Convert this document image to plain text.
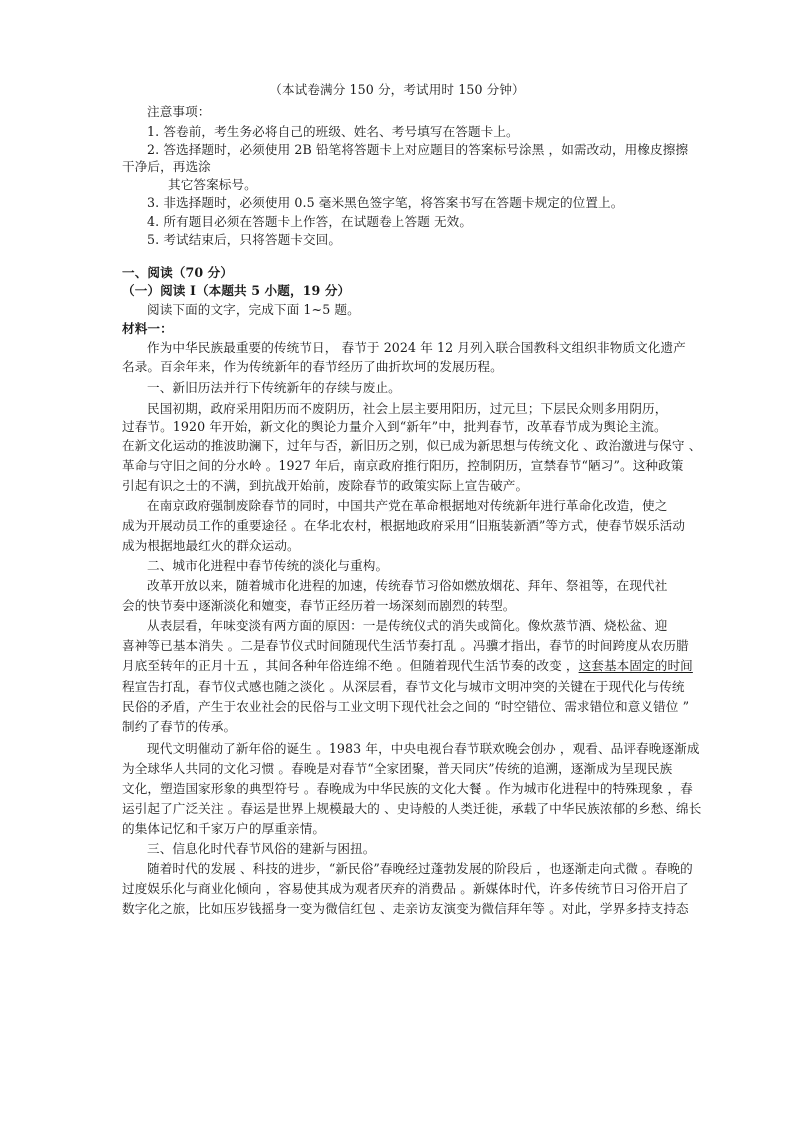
（本试卷满分 150 分，考试用时 150 分钟）
注意事项：
1. 答卷前，考生务必将自己的班级、姓名、考号填写在答题卡上。
2. 答选择题时，必须使用 2B 铅笔将答题卡上对应题目的答案标号涂黑 ，如需改动，用橡皮擦擦
干净后，再选涂
其它答案标号。
3. 非选择题时，必须使用 0.5 毫米黑色签字笔，将答案书写在答题卡规定的位置上。
4. 所有题目必须在答题卡上作答，在试题卷上答题 无效。
5. 考试结束后，只将答题卡交回。
一、阅读（70 分）
（一）阅读 I（本题共 5 小题，19 分）
阅读下面的文字，完成下面 1~5 题。
材料一：
作为中华民族最重要的传统节日， 春节于 2024 年 12 月列入联合国教科文组织非物质文化遗产
名录。百余年来，作为传统新年的春节经历了曲折坎坷的发展历程。
一、新旧历法并行下传统新年的存续与废止。
民国初期，政府采用阳历而不废阴历，社会上层主要用阳历，过元旦；下层民众则多用阴历，
过春节。1920 年开始，新文化的舆论力量介入到“新年”中，批判春节，改革春节成为舆论主流。
在新文化运动的推波助澜下，过年与否，新旧历之别，似已成为新思想与传统文化 、政治激进与保守 、
革命与守旧之间的分水岭 。1927 年后，南京政府推行阳历，控制阴历，宣禁春节“陋习”。这种政策
引起有识之士的不满，到抗战开始前，废除春节的政策实际上宣告破产。
在南京政府强制废除春节的同时，中国共产党在革命根据地对传统新年进行革命化改造，使之
成为开展动员工作的重要途径 。在华北农村，根据地政府采用“旧瓶装新酒”等方式，使春节娱乐活动
成为根据地最红火的群众运动。
二、城市化进程中春节传统的淡化与重构。
改革开放以来，随着城市化进程的加速，传统春节习俗如燃放烟花、拜年、祭祖等，在现代社
会的快节奏中逐渐淡化和嬗变，春节正经历着一场深刻而剧烈的转型。
从表层看，年味变淡有两方面的原因：一是传统仪式的消失或简化。像炊蒸节酒、烧松盆、迎
喜神等已基本消失 。二是春节仪式时间随现代生活节奏打乱 。冯骥才指出，春节的时间跨度从农历腊
月底至转年的正月十五 ，其间各种年俗连绵不绝 。但随着现代生活节奏的改变 ，这套基本固定的时间
程宣告打乱，春节仪式感也随之淡化 。从深层看，春节文化与城市文明冲突的关键在于现代化与传统
民俗的矛盾，产生于农业社会的民俗与工业文明下现代社会之间的 “时空错位、需求错位和意义错位 ”
制约了春节的传承。
现代文明催动了新年俗的诞生 。1983 年，中央电视台春节联欢晚会创办 ，观看、品评春晚逐渐成
为全球华人共同的文化习惯 。春晚是对春节“全家团聚，普天同庆”传统的追溯，逐渐成为呈现民族
文化，塑造国家形象的典型符号 。春晚成为中华民族的文化大餐 。作为城市化进程中的特殊现象 ，春
运引起了广泛关注 。春运是世界上规模最大的 、史诗般的人类迁徙，承载了中华民族浓郁的乡愁、绵长
的集体记忆和千家万户的厚重亲情。
三、信息化时代春节风俗的建新与困扭。
随着时代的发展 、科技的进步，“新民俗”春晚经过蓬勃发展的阶段后 ，也逐渐走向式微 。春晚的
过度娱乐化与商业化倾向 ，容易使其成为观者厌弃的消费品 。新媒体时代，许多传统节日习俗开启了
数字化之旅，比如压岁钱摇身一变为微信红包 、走亲访友演变为微信拜年等 。对此，学界多持支持态
